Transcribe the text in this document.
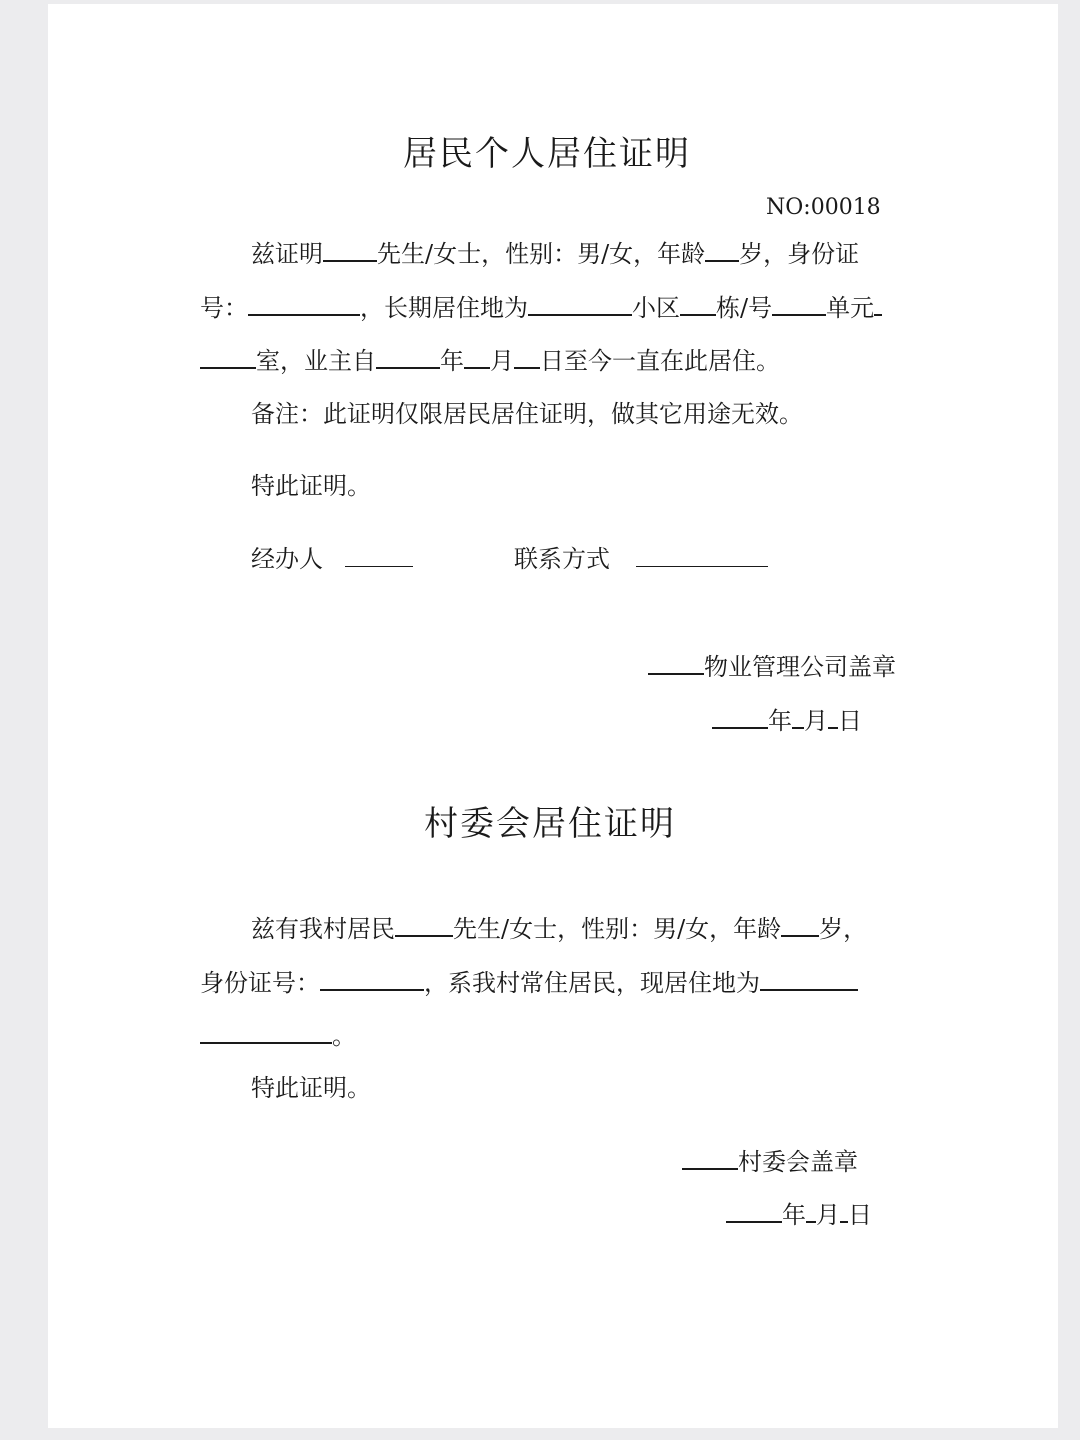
居民个人居住证明
NO:00018
兹证明 先生/女士，性别：男/女，年龄 岁，身份证
号：	，长期居住地为	小区 栋/号 单元
室，业主自	年 月 日至今一直在此居住。
备注：此证明仅限居民居住证明，做其它用途无效。
特此证明。
经办人	联系方式
物业管理公司盖章
年 月 日
村委会居住证明
兹有我村居民 先生/女士，性别：男/女，年龄 岁，
身份证号：	，系我村常住居民，现居住地为
。
特此证明。
村委会盖章
年 月 日
